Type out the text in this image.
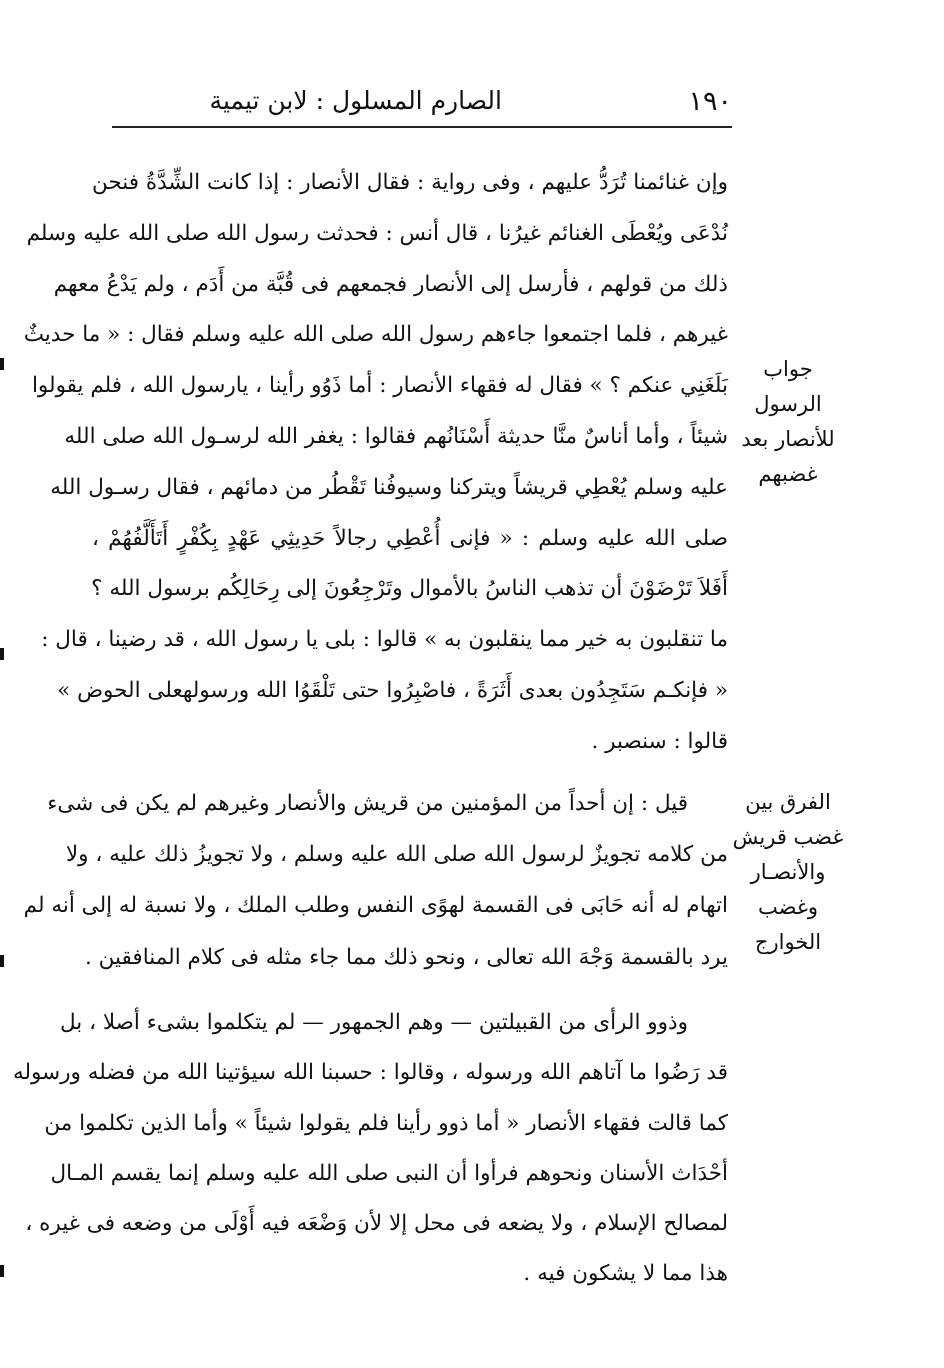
١٩٠
الصارم المسلول : لابن تيمية
وإن غنائمنا تُرَدُّ عليهم ، وفى رواية : فقال الأنصار : إذا كانت الشِّدَّةُ فنحن
نُدْعَى ويُعْطَى الغنائم غيرُنا ، قال أنس : فحدثت رسول الله صلى الله عليه وسلم
ذلك من قولهم ، فأرسل إلى الأنصار فجمعهم فى قُبَّة من أَدَم ، ولم يَدْعُ معهم
غيرهم ، فلما اجتمعوا جاءهم رسول الله صلى الله عليه وسلم فقال : « ما حديثٌ
بَلَغَنِي عنكم ؟ » فقال له فقهاء الأنصار : أما ذَوُو رأينا ، يارسول الله ، فلم يقولوا
شيئاً ، وأما أناسٌ منَّا حديثة أَسْنَانُهم فقالوا : يغفر الله لرسـول الله صلى الله
عليه وسلم يُعْطِي قريشاً ويتركنا وسيوفُنا تَقْطُر من دمائهم ، فقال رسـول الله
صلى الله عليه وسلم : « فإنى أُعْطِي رجالاً حَدِيثِي عَهْدٍ بِكُفْرٍ أَتَأَلَّفُهُمْ ،
أَفَلاَ تَرْضَوْنَ أن تذهب الناسُ بالأموال وتَرْجِعُونَ إلى رِحَالِكُم برسول الله ؟
ما تنقلبون به خير مما ينقلبون به » قالوا : بلى يا رسول الله ، قد رضينا ، قال :
« فإنكـم سَتَجِدُون بعدى أَثَرَةً ، فاصْبِرُوا حتى تَلْقَوُا الله ورسولهعلى الحوض »
قالوا : سنصبر .
قيل : إن أحداً من المؤمنين من قريش والأنصار وغيرهم لم يكن فى شىء
من كلامه تجويزٌ لرسول الله صلى الله عليه وسلم ، ولا تجويزُ ذلك عليه ، ولا
اتهام له أنه حَابَى فى القسمة لهوًى النفس وطلب الملك ، ولا نسبة له إلى أنه لم
يرد بالقسمة وَجْهَ الله تعالى ، ونحو ذلك مما جاء مثله فى كلام المنافقين .
وذوو الرأى من القبيلتين — وهم الجمهور — لم يتكلموا بشىء أصلا ، بل
قد رَضُوا ما آتاهم الله ورسوله ، وقالوا : حسبنا الله سيؤتينا الله من فضله ورسوله
كما قالت فقهاء الأنصار « أما ذوو رأينا فلم يقولوا شيئاً » وأما الذين تكلموا من
أحْدَاث الأسنان ونحوهم فرأوا أن النبى صلى الله عليه وسلم إنما يقسم المـال
لمصالح الإسلام ، ولا يضعه فى محل إلا لأن وَضْعَه فيه أَوْلَى من وضعه فى غيره ،
هذا مما لا يشكون فيه .
جواب الرسول
للأنصار بعد
غضبهم
الفرق بين
غضب قريش
والأنصـار
وغضب
الخوارج
